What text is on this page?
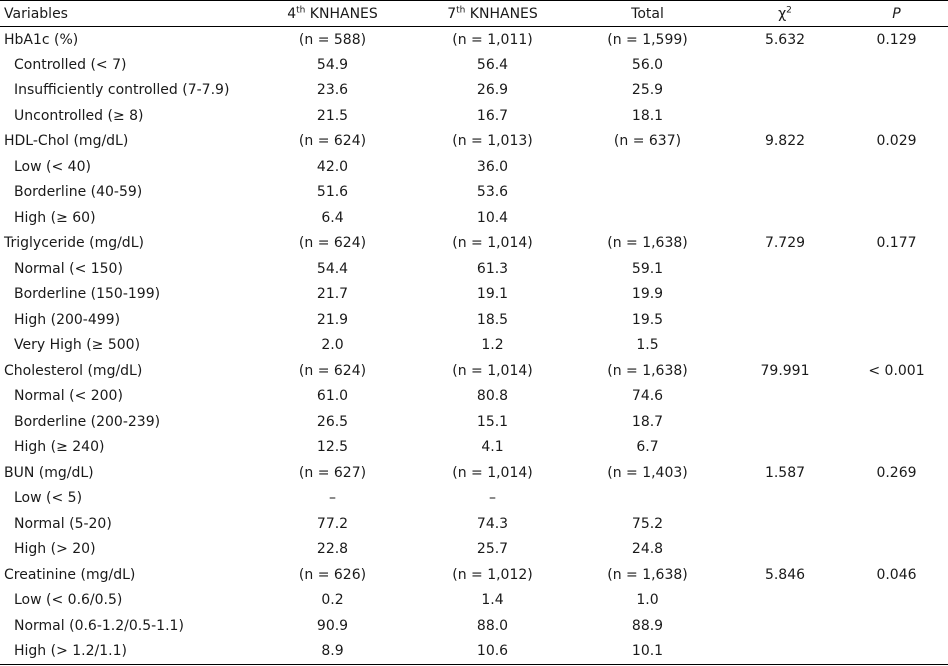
Variables	4th KNHANES	7th KNHANES	Total	$\chi^2$	P
HbA1c (%)	(n = 588)	(n = 1,011)	(n = 1,599)	5.632	0.129
Controlled (< 7)	54.9	56.4	56.0		
Insufficiently controlled (7-7.9)	23.6	26.9	25.9		
Uncontrolled (≥ 8)	21.5	16.7	18.1		
HDL-Chol (mg/dL)	(n = 624)	(n = 1,013)	(n = 637)	9.822	0.029
Low (< 40)	42.0	36.0			
Borderline (40-59)	51.6	53.6			
High (≥ 60)	6.4	10.4			
Triglyceride (mg/dL)	(n = 624)	(n = 1,014)	(n = 1,638)	7.729	0.177
Normal (< 150)	54.4	61.3	59.1		
Borderline (150-199)	21.7	19.1	19.9		
High (200-499)	21.9	18.5	19.5		
Very High (≥ 500)	2.0	1.2	1.5		
Cholesterol (mg/dL)	(n = 624)	(n = 1,014)	(n = 1,638)	79.991	< 0.001
Normal (< 200)	61.0	80.8	74.6		
Borderline (200-239)	26.5	15.1	18.7		
High (≥ 240)	12.5	4.1	6.7		
BUN (mg/dL)	(n = 627)	(n = 1,014)	(n = 1,403)	1.587	0.269
Low (< 5)	–	–			
Normal (5-20)	77.2	74.3	75.2		
High (> 20)	22.8	25.7	24.8		
Creatinine (mg/dL)	(n = 626)	(n = 1,012)	(n = 1,638)	5.846	0.046
Low (< 0.6/0.5)	0.2	1.4	1.0		
Normal (0.6-1.2/0.5-1.1)	90.9	88.0	88.9		
High (> 1.2/1.1)	8.9	10.6	10.1		
